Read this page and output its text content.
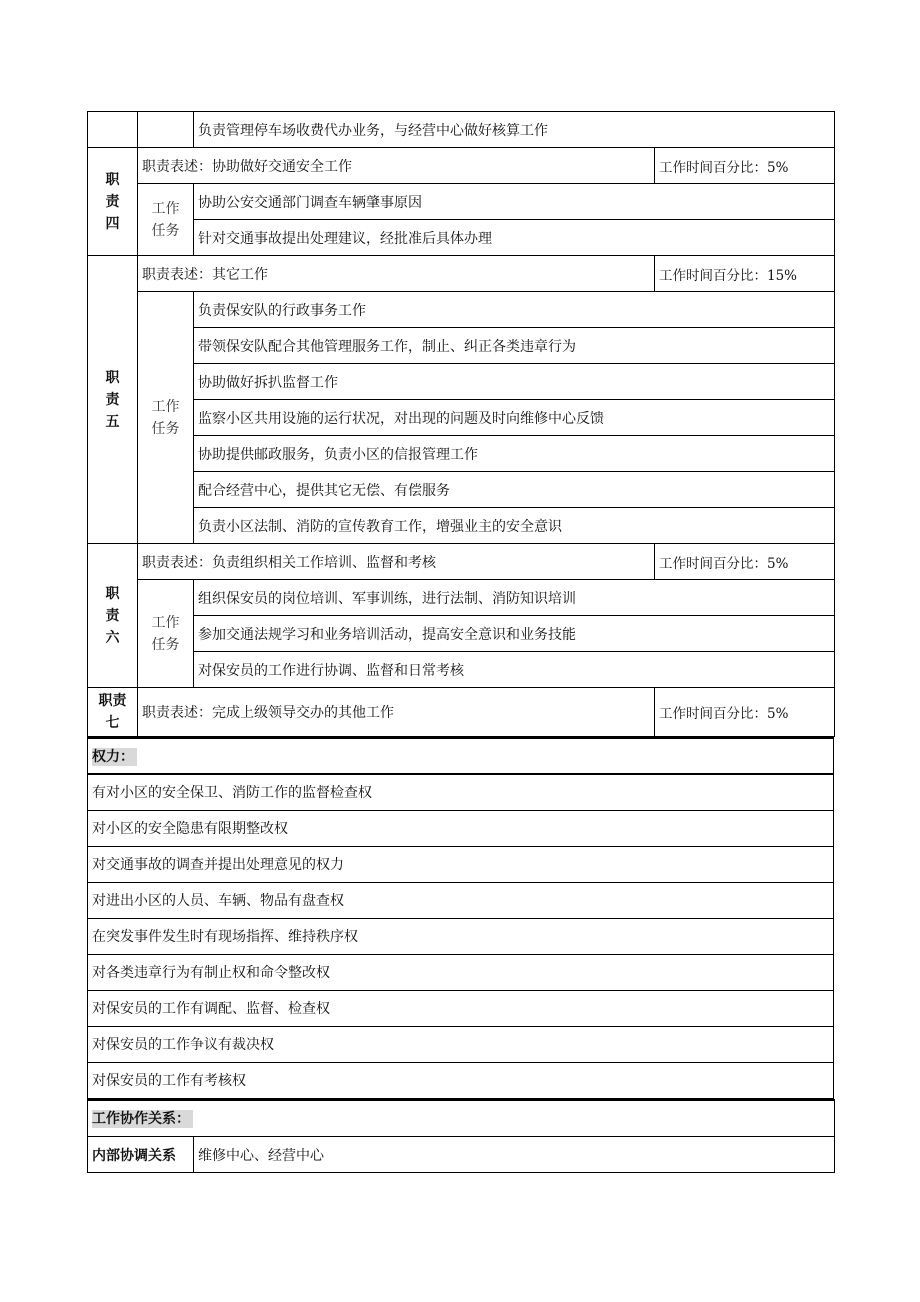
		负责管理停车场收费代办业务，与经营中心做好核算工作	

职
责
四	职责表述：协助做好交通安全工作		工作时间百分比：5%

	工作
任务	协助公安交通部门调查车辆肇事原因	
		针对交通事故提出处理建议，经批准后具体办理	

职
责
五	职责表述：其它工作		工作时间百分比：15%

	工作
任务	负责保安队的行政事务工作	
		带领保安队配合其他管理服务工作，制止、纠正各类违章行为	
		协助做好拆扒监督工作	
		监察小区共用设施的运行状况，对出现的问题及时向维修中心反馈	
		协助提供邮政服务，负责小区的信报管理工作	
		配合经营中心，提供其它无偿、有偿服务	
		负责小区法制、消防的宣传教育工作，增强业主的安全意识	

职
责
六	职责表述：负责组织相关工作培训、监督和考核		工作时间百分比：5%

	工作
任务	组织保安员的岗位培训、军事训练，进行法制、消防知识培训	
		参加交通法规学习和业务培训活动，提高安全意识和业务技能	
		对保安员的工作进行协调、监督和日常考核	

职责
七	职责表述：完成上级领导交办的其他工作		工作时间百分比：5%
权力：
有对小区的安全保卫、消防工作的监督检查权
对小区的安全隐患有限期整改权
对交通事故的调查并提出处理意见的权力
对进出小区的人员、车辆、物品有盘查权
在突发事件发生时有现场指挥、维持秩序权
对各类违章行为有制止权和命令整改权
对保安员的工作有调配、监督、检查权
对保安员的工作争议有裁决权
对保安员的工作有考核权
工作协作关系：
内部协调关系	维修中心、经营中心
